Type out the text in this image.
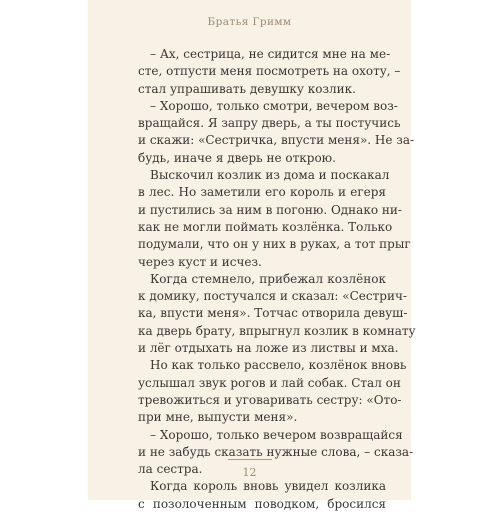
Братья Гримм
– Ах, сестрица, не сидится мне на ме-
сте, отпусти меня посмотреть на охоту, –
стал упрашивать девушку козлик.
– Хорошо, только смотри, вечером воз-
вращайся. Я запру дверь, а ты постучись
и скажи: «Сестричка, впусти меня». Не за-
будь, иначе я дверь не открою.
Выскочил козлик из дома и поскакал
в лес. Но заметили его король и егеря
и пустились за ним в погоню. Однако ни-
как не могли поймать козлёнка. Только
подумали, что он у них в руках, а тот прыг
через куст и исчез.
Когда стемнело, прибежал козлёнок
к домику, постучался и сказал: «Сестрич-
ка, впусти меня». Тотчас отворила девуш-
ка дверь брату, впрыгнул козлик в комнату
и лёг отдыхать на ложе из листвы и мха.
Но как только рассвело, козлёнок вновь
услышал звук рогов и лай собак. Стал он
тревожиться и уговаривать сестру: «Ото-
при мне, выпусти меня».
– Хорошо, только вечером возвращайся
и не забудь сказать нужные слова, – сказа-
ла сестра.
Когда король вновь увидел козлика
с позолоченным поводком, бросился
12
